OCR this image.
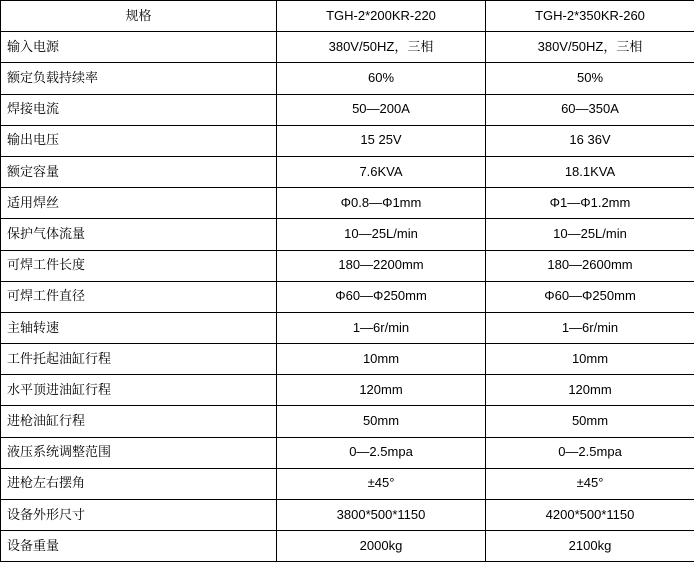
规格	TGH-2*200KR-220	TGH-2*350KR-260
输入电源	380V/50HZ，三相	380V/50HZ，三相
额定负载持续率	60%	50%
焊接电流	50—200A	60—350A
输出电压	15 25V	16 36V
额定容量	7.6KVA	18.1KVA
适用焊丝	Φ0.8—Φ1mm	Φ1—Φ1.2mm
保护气体流量	10—25L/min	10—25L/min
可焊工件长度	180—2200mm	180—2600mm
可焊工件直径	Φ60—Φ250mm	Φ60—Φ250mm
主轴转速	1—6r/min	1—6r/min
工件托起油缸行程	10mm	10mm
水平顶进油缸行程	120mm	120mm
进枪油缸行程	50mm	50mm
液压系统调整范围	0—2.5mpa	0—2.5mpa
进枪左右摆角	±45°	±45°
设备外形尺寸	3800*500*1150	4200*500*1150
设备重量	2000kg	2100kg
